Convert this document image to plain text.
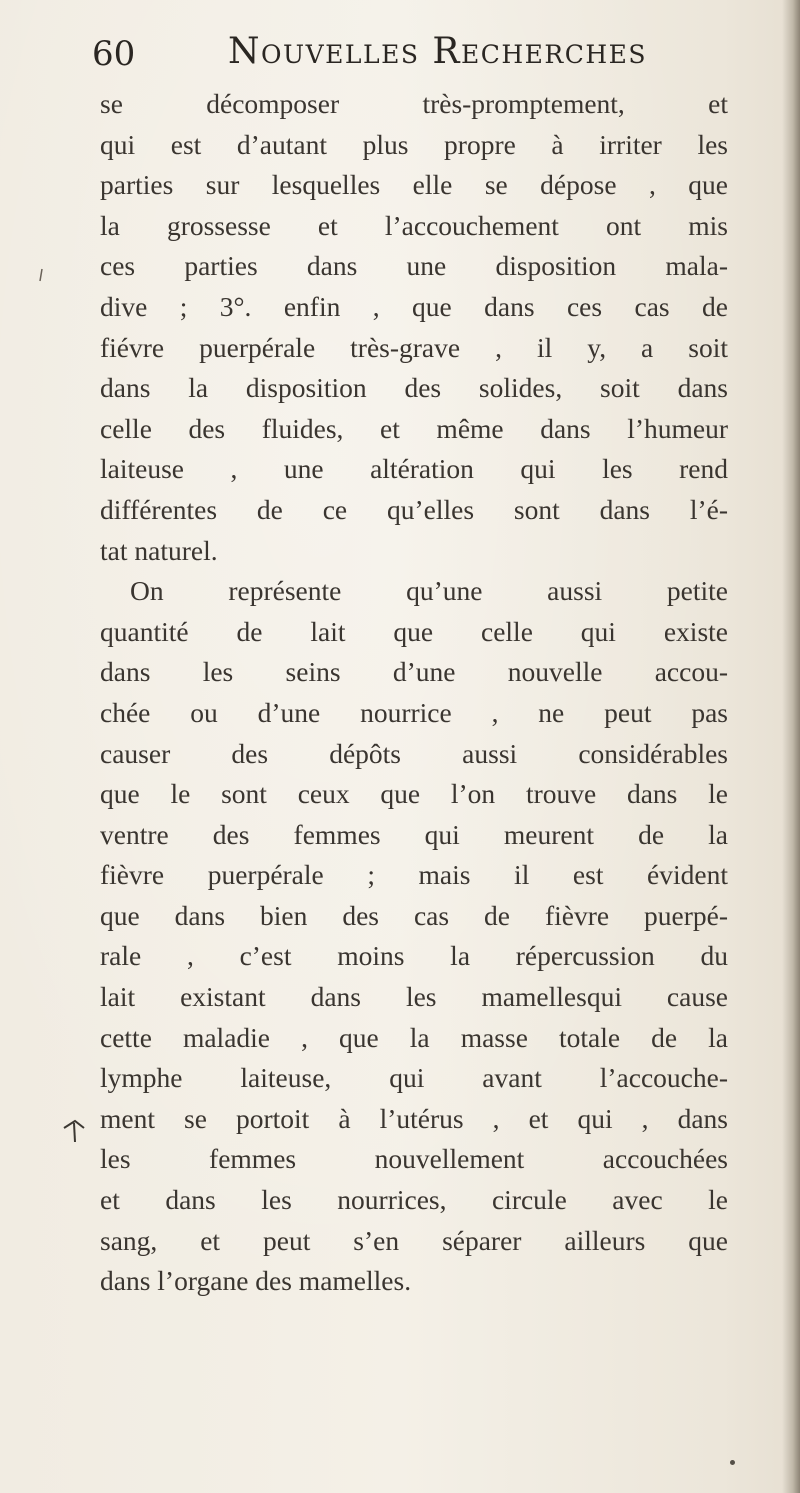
60	Nouvelles Recherches
se décomposer très-promptement, et
qui est d’autant plus propre à irriter les
parties sur lesquelles elle se dépose , que
la grossesse et l’accouchement ont mis
ces parties dans une disposition mala-
dive ; 3°. enfin , que dans ces cas de
fiévre puerpérale très-grave , il y, a soit
dans la disposition des solides, soit dans
celle des fluides, et même dans l’humeur
laiteuse , une altération qui les rend
différentes de ce qu’elles sont dans l’é-
tat naturel.
On représente qu’une aussi petite
quantité de lait que celle qui existe
dans les seins d’une nouvelle accou-
chée ou d’une nourrice , ne peut pas
causer des dépôts aussi considérables
que le sont ceux que l’on trouve dans le
ventre des femmes qui meurent de la
fièvre puerpérale ; mais il est évident
que dans bien des cas de fièvre puerpé-
rale , c’est moins la répercussion du
lait existant dans les mamellesqui cause
cette maladie , que la masse totale de la
lymphe laiteuse, qui avant l’accouche-
ment se portoit à l’utérus , et qui , dans
les femmes nouvellement accouchées
et dans les nourrices, circule avec le
sang, et peut s’en séparer ailleurs que
dans l’organe des mamelles.
